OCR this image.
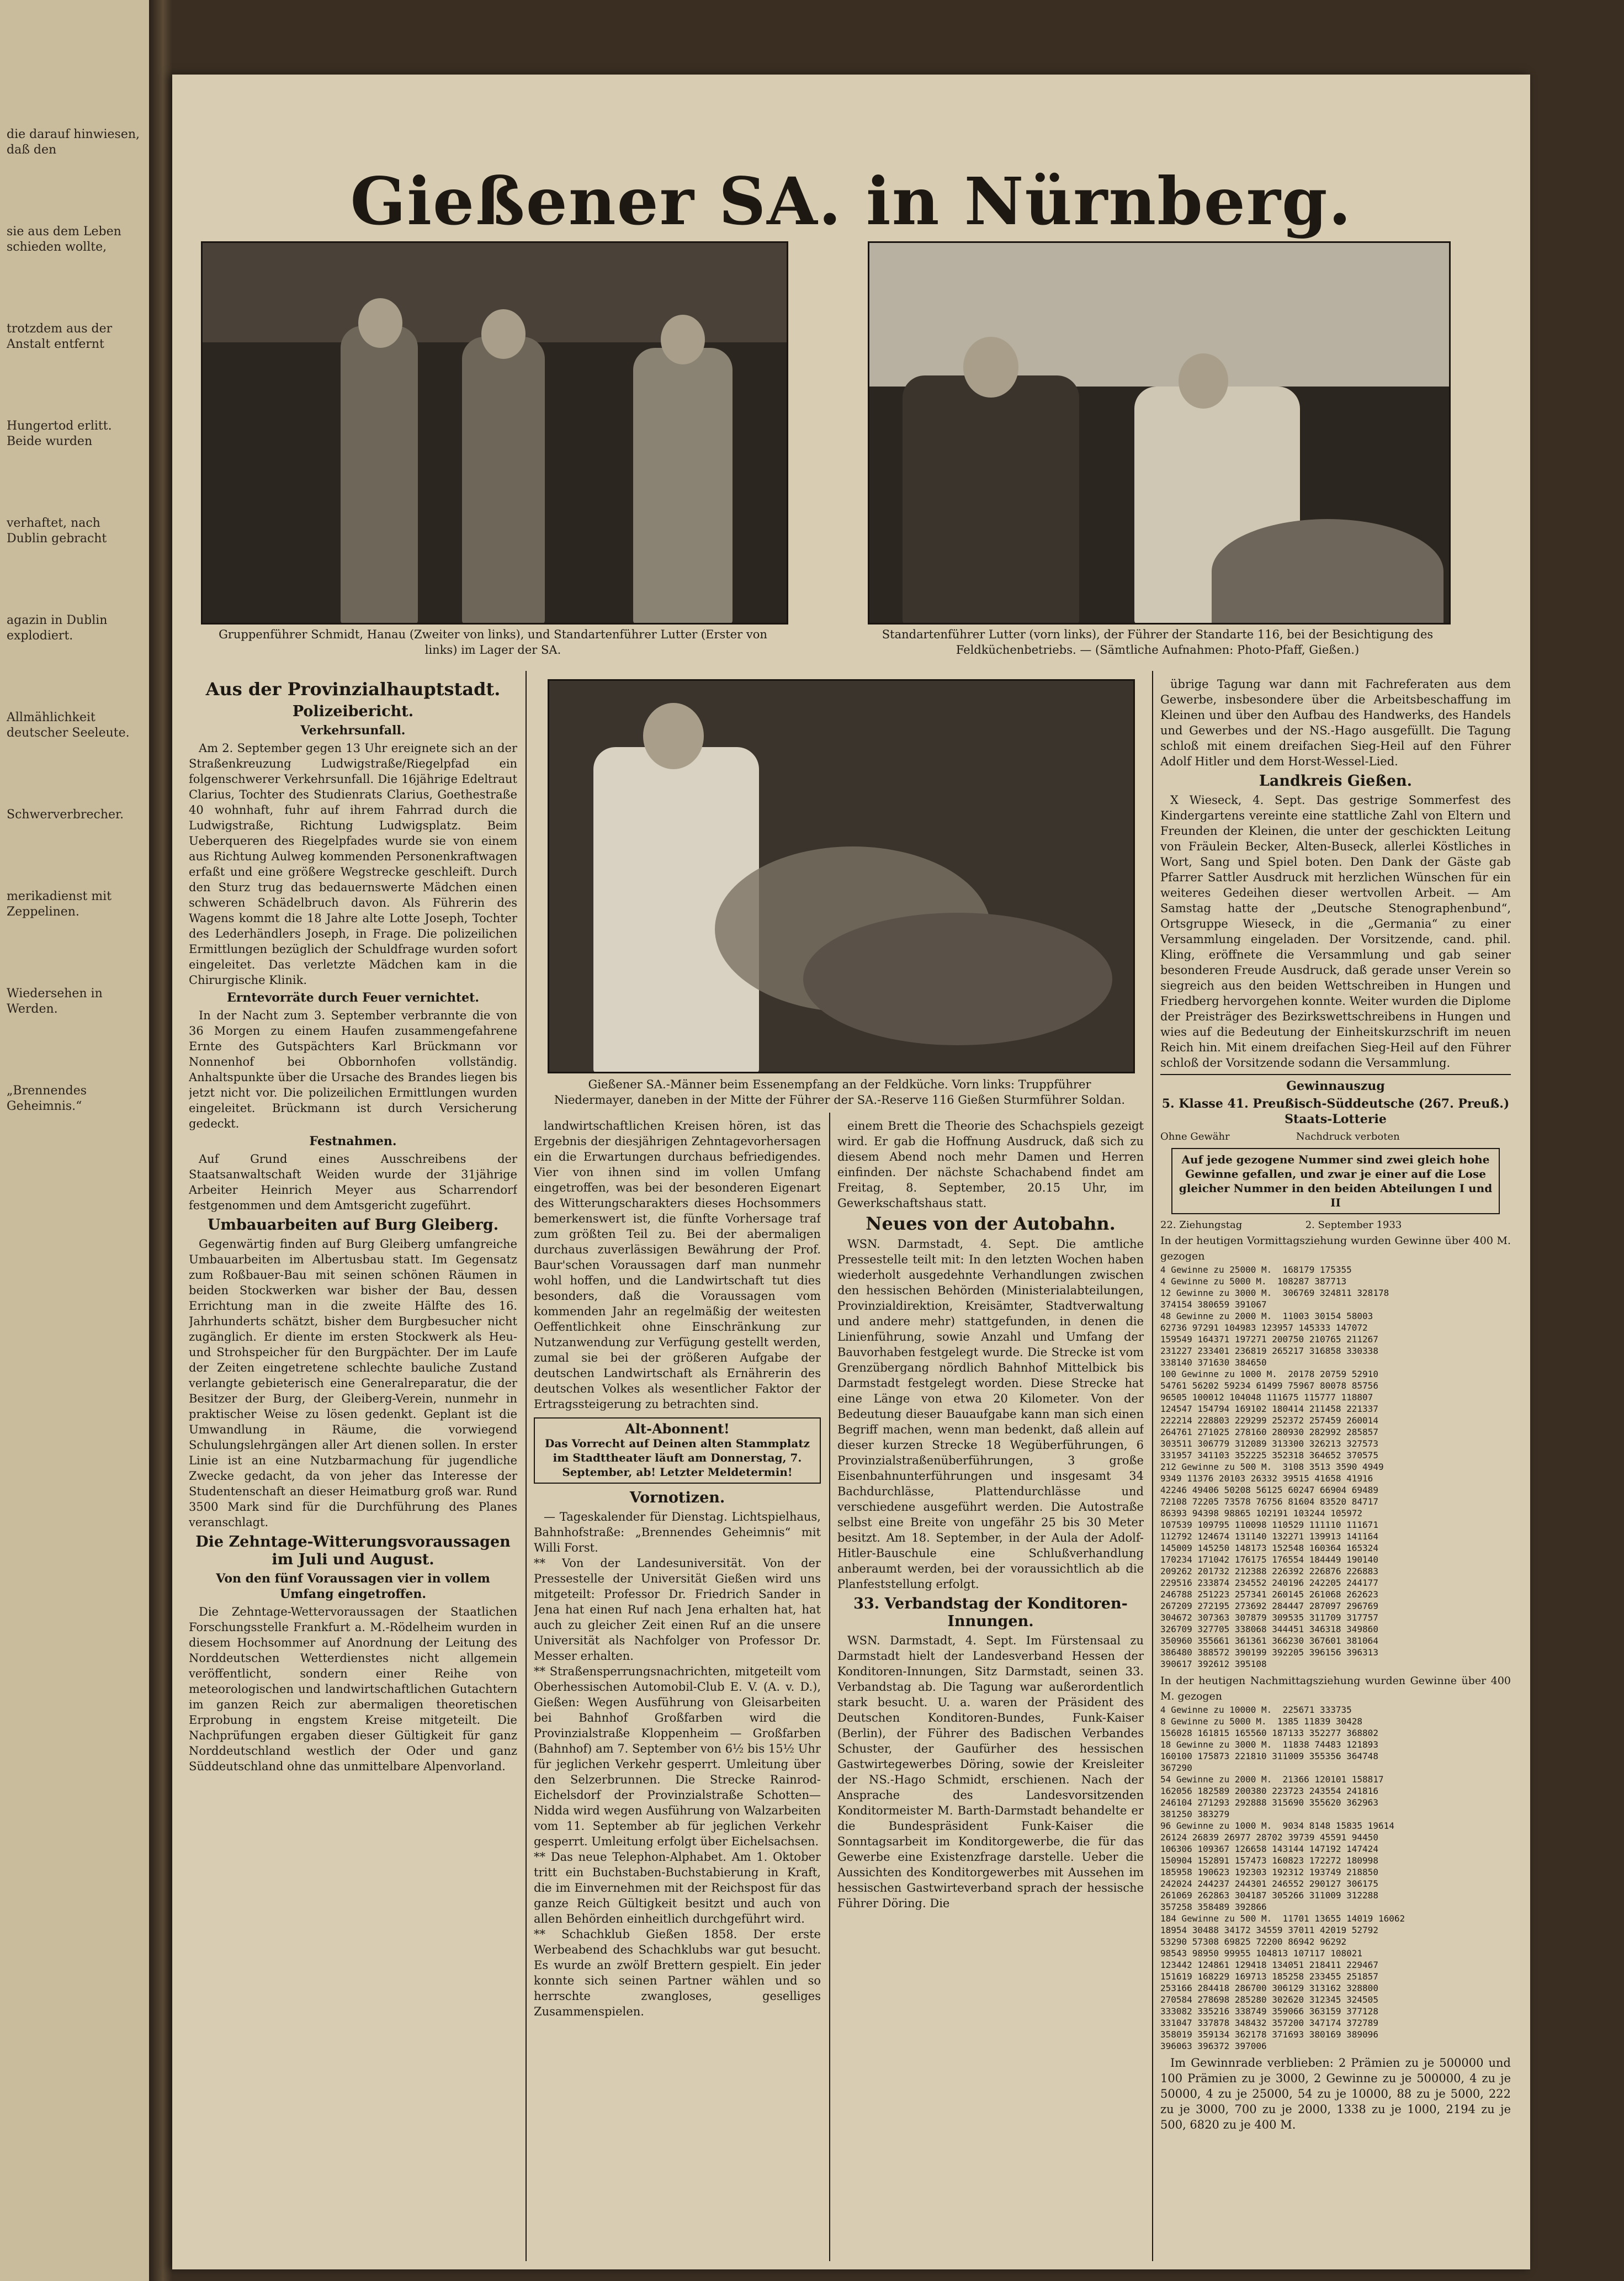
die darauf hinwiesen, daß den

sie aus dem Leben schieden wollte,

trotzdem aus der Anstalt entfernt

Hungertod erlitt. Beide wurden

verhaftet, nach Dublin gebracht

agazin in Dublin explodiert.

Allmählichkeit deutscher Seeleute.

Schwerverbrecher.

merikadienst mit Zeppelinen.

Wiedersehen in Werden.

„Brennendes Geheimnis.“

Gießener SA. in Nürnberg.
Gruppenführer Schmidt, Hanau (Zweiter von links), und Standartenführer Lutter (Erster von links) im Lager der SA.
Standartenführer Lutter (vorn links), der Führer der Standarte 116, bei der Besichtigung des Feldküchenbetriebs. — (Sämtliche Aufnahmen: Photo-Pfaff, Gießen.)
Gießener SA.-Männer beim Essenempfang an der Feldküche. Vorn links: Truppführer Niedermayer, daneben in der Mitte der Führer der SA.-Reserve 116 Gießen Sturmführer Soldan.
Aus der Provinzialhauptstadt.
Polizeibericht.
Verkehrsunfall.

Am 2. September gegen 13 Uhr ereignete sich an der Straßenkreuzung Ludwigstraße/Riegelpfad ein folgenschwerer Verkehrsunfall. Die 16jährige Edeltraut Clarius, Tochter des Studienrats Clarius, Goethestraße 40 wohnhaft, fuhr auf ihrem Fahrrad durch die Ludwigstraße, Richtung Ludwigsplatz. Beim Ueberqueren des Riegelpfades wurde sie von einem aus Richtung Aulweg kommenden Personenkraftwagen erfaßt und eine größere Wegstrecke geschleift. Durch den Sturz trug das bedauernswerte Mädchen einen schweren Schädelbruch davon. Als Führerin des Wagens kommt die 18 Jahre alte Lotte Joseph, Tochter des Lederhändlers Joseph, in Frage. Die polizeilichen Ermittlungen bezüglich der Schuldfrage wurden sofort eingeleitet. Das verletzte Mädchen kam in die Chirurgische Klinik.

Erntevorräte durch Feuer vernichtet.

In der Nacht zum 3. September verbrannte die von 36 Morgen zu einem Haufen zusammengefahrene Ernte des Gutspächters Karl Brückmann vor Nonnenhof bei Obbornhofen vollständig. Anhaltspunkte über die Ursache des Brandes liegen bis jetzt nicht vor. Die polizeilichen Ermittlungen wurden eingeleitet. Brückmann ist durch Versicherung gedeckt.

Festnahmen.

Auf Grund eines Ausschreibens der Staatsanwaltschaft Weiden wurde der 31jährige Arbeiter Heinrich Meyer aus Scharrendorf festgenommen und dem Amtsgericht zugeführt.

Umbauarbeiten auf Burg Gleiberg.

Gegenwärtig finden auf Burg Gleiberg umfangreiche Umbauarbeiten im Albertusbau statt. Im Gegensatz zum Roßbauer-Bau mit seinen schönen Räumen in beiden Stockwerken war bisher der Bau, dessen Errichtung man in die zweite Hälfte des 16. Jahrhunderts schätzt, bisher dem Burgbesucher nicht zugänglich. Er diente im ersten Stockwerk als Heu- und Strohspeicher für den Burgpächter. Der im Laufe der Zeiten eingetretene schlechte bauliche Zustand verlangte gebieterisch eine Generalreparatur, die der Besitzer der Burg, der Gleiberg-Verein, nunmehr in praktischer Weise zu lösen gedenkt. Geplant ist die Umwandlung in Räume, die vorwiegend Schulungslehrgängen aller Art dienen sollen. In erster Linie ist an eine Nutzbarmachung für jugendliche Zwecke gedacht, da von jeher das Interesse der Studentenschaft an dieser Heimatburg groß war. Rund 3500 Mark sind für die Durchführung des Planes veranschlagt.

Die Zehntage-Witterungsvoraussagen im Juli und August.
Von den fünf Voraussagen vier in vollem Umfang eingetroffen.

Die Zehntage-Wettervoraussagen der Staatlichen Forschungsstelle Frankfurt a. M.-Rödelheim wurden in diesem Hochsommer auf Anordnung der Leitung des Norddeutschen Wetterdienstes nicht allgemein veröffentlicht, sondern einer Reihe von meteorologischen und landwirtschaftlichen Gutachtern im ganzen Reich zur abermaligen theoretischen Erprobung in engstem Kreise mitgeteilt. Die Nachprüfungen ergaben dieser Gültigkeit für ganz Norddeutschland westlich der Oder und ganz Süddeutschland ohne das unmittelbare Alpenvorland.

landwirtschaftlichen Kreisen hören, ist das Ergebnis der diesjährigen Zehntagevorhersagen ein die Erwartungen durchaus befriedigendes. Vier von ihnen sind im vollen Umfang eingetroffen, was bei der besonderen Eigenart des Witterungscharakters dieses Hochsommers bemerkenswert ist, die fünfte Vorhersage traf zum größten Teil zu. Bei der abermaligen durchaus zuverlässigen Bewährung der Prof. Baur'schen Voraussagen darf man nunmehr wohl hoffen, und die Landwirtschaft tut dies besonders, daß die Voraussagen vom kommenden Jahr an regelmäßig der weitesten Oeffentlichkeit ohne Einschränkung zur Nutzanwendung zur Verfügung gestellt werden, zumal sie bei der größeren Aufgabe der deutschen Landwirtschaft als Ernährerin des deutschen Volkes als wesentlicher Faktor der Ertragssteigerung zu betrachten sind.

Alt-Abonnent!
Das Vorrecht auf Deinen alten Stammplatz im Stadttheater läuft am Donnerstag, 7. September, ab! Letzter Meldetermin!
Vornotizen.

— Tageskalender für Dienstag. Lichtspielhaus, Bahnhofstraße: „Brennendes Geheimnis“ mit Willi Forst.
** Von der Landesuniversität. Von der Pressestelle der Universität Gießen wird uns mitgeteilt: Professor Dr. Friedrich Sander in Jena hat einen Ruf nach Jena erhalten hat, hat auch zu gleicher Zeit einen Ruf an die unsere Universität als Nachfolger von Professor Dr. Messer erhalten.
** Straßensperrungsnachrichten, mitgeteilt vom Oberhessischen Automobil-Club E. V. (A. v. D.), Gießen: Wegen Ausführung von Gleisarbeiten bei Bahnhof Großfarben wird die Provinzialstraße Kloppenheim — Großfarben (Bahnhof) am 7. September von 6½ bis 15½ Uhr für jeglichen Verkehr gesperrt. Umleitung über den Selzerbrunnen. Die Strecke Rainrod-Eichelsdorf der Provinzialstraße Schotten—Nidda wird wegen Ausführung von Walzarbeiten vom 11. September ab für jeglichen Verkehr gesperrt. Umleitung erfolgt über Eichelsachsen.
** Das neue Telephon-Alphabet. Am 1. Oktober tritt ein Buchstaben-Buchstabierung in Kraft, die im Einvernehmen mit der Reichspost für das ganze Reich Gültigkeit besitzt und auch von allen Behörden einheitlich durchgeführt wird.
** Schachklub Gießen 1858. Der erste Werbeabend des Schachklubs war gut besucht. Es wurde an zwölf Brettern gespielt. Ein jeder konnte sich seinen Partner wählen und so herrschte zwangloses, geselliges Zusammenspielen.

einem Brett die Theorie des Schachspiels gezeigt wird. Er gab die Hoffnung Ausdruck, daß sich zu diesem Abend noch mehr Damen und Herren einfinden. Der nächste Schachabend findet am Freitag, 8. September, 20.15 Uhr, im Gewerkschaftshaus statt.

Neues von der Autobahn.

WSN. Darmstadt, 4. Sept. Die amtliche Pressestelle teilt mit: In den letzten Wochen haben wiederholt ausgedehnte Verhandlungen zwischen den hessischen Behörden (Ministerialabteilungen, Provinzialdirektion, Kreisämter, Stadtverwaltung und andere mehr) stattgefunden, in denen die Linienführung, sowie Anzahl und Umfang der Bauvorhaben festgelegt wurde. Die Strecke ist vom Grenzübergang nördlich Bahnhof Mittelbick bis Darmstadt festgelegt worden. Diese Strecke hat eine Länge von etwa 20 Kilometer. Von der Bedeutung dieser Bauaufgabe kann man sich einen Begriff machen, wenn man bedenkt, daß allein auf dieser kurzen Strecke 18 Wegüberführungen, 6 Provinzialstraßenüberführungen, 3 große Eisenbahnunterführungen und insgesamt 34 Bachdurchlässe, Plattendurchlässe und verschiedene ausgeführt werden. Die Autostraße selbst eine Breite von ungefähr 25 bis 30 Meter besitzt. Am 18. September, in der Aula der Adolf-Hitler-Bauschule eine Schlußverhandlung anberaumt werden, bei der voraussichtlich ab die Planfeststellung erfolgt.

33. Verbandstag der Konditoren-Innungen.

WSN. Darmstadt, 4. Sept. Im Fürstensaal zu Darmstadt hielt der Landesverband Hessen der Konditoren-Innungen, Sitz Darmstadt, seinen 33. Verbandstag ab. Die Tagung war außerordentlich stark besucht. U. a. waren der Präsident des Deutschen Konditoren-Bundes, Funk-Kaiser (Berlin), der Führer des Badischen Verbandes Schuster, der Gaufürher des hessischen Gastwirtegewerbes Döring, sowie der Kreisleiter der NS.-Hago Schmidt, erschienen. Nach der Ansprache des Landesvorsitzenden Konditormeister M. Barth-Darmstadt behandelte er die Bundespräsident Funk-Kaiser die Sonntagsarbeit im Konditorgewerbe, die für das Gewerbe eine Existenzfrage darstelle. Ueber die Aussichten des Konditorgewerbes mit Aussehen im hessischen Gastwirteverband sprach der hessische Führer Döring. Die

übrige Tagung war dann mit Fachreferaten aus dem Gewerbe, insbesondere über die Arbeitsbeschaffung im Kleinen und über den Aufbau des Handwerks, des Handels und Gewerbes und der NS.-Hago ausgefüllt. Die Tagung schloß mit einem dreifachen Sieg-Heil auf den Führer Adolf Hitler und dem Horst-Wessel-Lied.

Landkreis Gießen.

X Wieseck, 4. Sept. Das gestrige Sommerfest des Kindergartens vereinte eine stattliche Zahl von Eltern und Freunden der Kleinen, die unter der geschickten Leitung von Fräulein Becker, Alten-Buseck, allerlei Köstliches in Wort, Sang und Spiel boten. Den Dank der Gäste gab Pfarrer Sattler Ausdruck mit herzlichen Wünschen für ein weiteres Gedeihen dieser wertvollen Arbeit. — Am Samstag hatte der „Deutsche Stenographenbund“, Ortsgruppe Wieseck, in die „Germania“ zu einer Versammlung eingeladen. Der Vorsitzende, cand. phil. Kling, eröffnete die Versammlung und gab seiner besonderen Freude Ausdruck, daß gerade unser Verein so siegreich aus den beiden Wettschreiben in Hungen und Friedberg hervorgehen konnte. Weiter wurden die Diplome der Preisträger des Bezirkswettschreibens in Hungen und wies auf die Bedeutung der Einheitskurzschrift im neuen Reich hin. Mit einem dreifachen Sieg-Heil auf den Führer schloß der Vorsitzende sodann die Versammlung.

Gewinnauszug
5. Klasse 41. Preußisch-Süddeutsche (267. Preuß.) Staats-Lotterie
Ohne Gewähr                     Nachdruck verboten
Auf jede gezogene Nummer sind zwei gleich hohe Gewinne gefallen, und zwar je einer auf die Lose gleicher Nummer in den beiden Abteilungen I und II
22. Ziehungstag                    2. September 1933
In der heutigen Vormittagsziehung wurden Gewinne über 400 M. gezogen
4 Gewinne zu 25000 M.  168179 175355
4 Gewinne zu 5000 M.  108287 387713
12 Gewinne zu 3000 M.  306769 324811 328178
374154 380659 391067
48 Gewinne zu 2000 M.  11003 30154 58003
62736 97291 104983 123957 145333 147072
159549 164371 197271 200750 210765 211267
231227 233401 236819 265217 316858 330338
338140 371630 384650
100 Gewinne zu 1000 M.  20178 20759 52910
54761 56202 59234 61499 75967 80078 85756
96505 100012 104048 111675 115777 118807
124547 154794 169102 180414 211458 221337
222214 228803 229299 252372 257459 260014
264761 271025 278160 280930 282992 285857
303511 306779 312089 313300 326213 327573
331957 341103 352225 352318 364652 370575
212 Gewinne zu 500 M.  3108 3513 3590 4949
9349 11376 20103 26332 39515 41658 41916
42246 49406 50208 56125 60247 66904 69489
72108 72205 73578 76756 81604 83520 84717
86393 94398 98865 102191 103244 105972
107539 109795 110098 110529 111110 111671
112792 124674 131140 132271 139913 141164
145009 145250 148173 152548 160364 165324
170234 171042 176175 176554 184449 190140
209262 201732 212388 226392 226876 226883
229516 233874 234552 240196 242205 244177
246788 251223 257341 260145 261068 262623
267209 272195 273692 284447 287097 296769
304672 307363 307879 309535 311709 317757
326709 327705 338068 344451 346318 349860
350960 355661 361361 366230 367601 381064
386480 388572 390199 392205 396156 396313
390617 392612 395108
In der heutigen Nachmittagsziehung wurden Gewinne über 400 M. gezogen
4 Gewinne zu 10000 M.  225671 333735
8 Gewinne zu 5000 M.  1385 11839 30428
156028 161815 165560 187133 352277 368802
18 Gewinne zu 3000 M.  11838 74483 121893
160100 175873 221810 311009 355356 364748
367290
54 Gewinne zu 2000 M.  21366 120101 158817
162056 182589 200380 223723 243554 241816
246104 271293 292888 315690 355620 362963
381250 383279
96 Gewinne zu 1000 M.  9034 8148 15835 19614
26124 26839 26977 28702 39739 45591 94450
106306 109367 126658 143144 147192 147424
150904 152891 157473 160823 172272 180998
185958 190623 192303 192312 193749 218850
242024 244237 244301 246552 290127 306175
261069 262863 304187 305266 311009 312288
357258 358489 392866
184 Gewinne zu 500 M.  11701 13655 14019 16062
18954 30488 34172 34559 37011 42019 52792
53290 57308 69825 72200 86942 96292
98543 98950 99955 104813 107117 108021
123442 124861 129418 134051 218411 229467
151619 168229 169713 185258 233455 251857
253166 284418 286700 306129 313162 328800
270584 278698 285280 302620 312345 324505
333082 335216 338749 359066 363159 377128
331047 337878 348432 357200 347174 372789
358019 359134 362178 371693 380169 389096
396063 396372 397006

Im Gewinnrade verblieben: 2 Prämien zu je 500000 und 100 Prämien zu je 3000, 2 Gewinne zu je 500000, 4 zu je 50000, 4 zu je 25000, 54 zu je 10000, 88 zu je 5000, 222 zu je 3000, 700 zu je 2000, 1338 zu je 1000, 2194 zu je 500, 6820 zu je 400 M.
